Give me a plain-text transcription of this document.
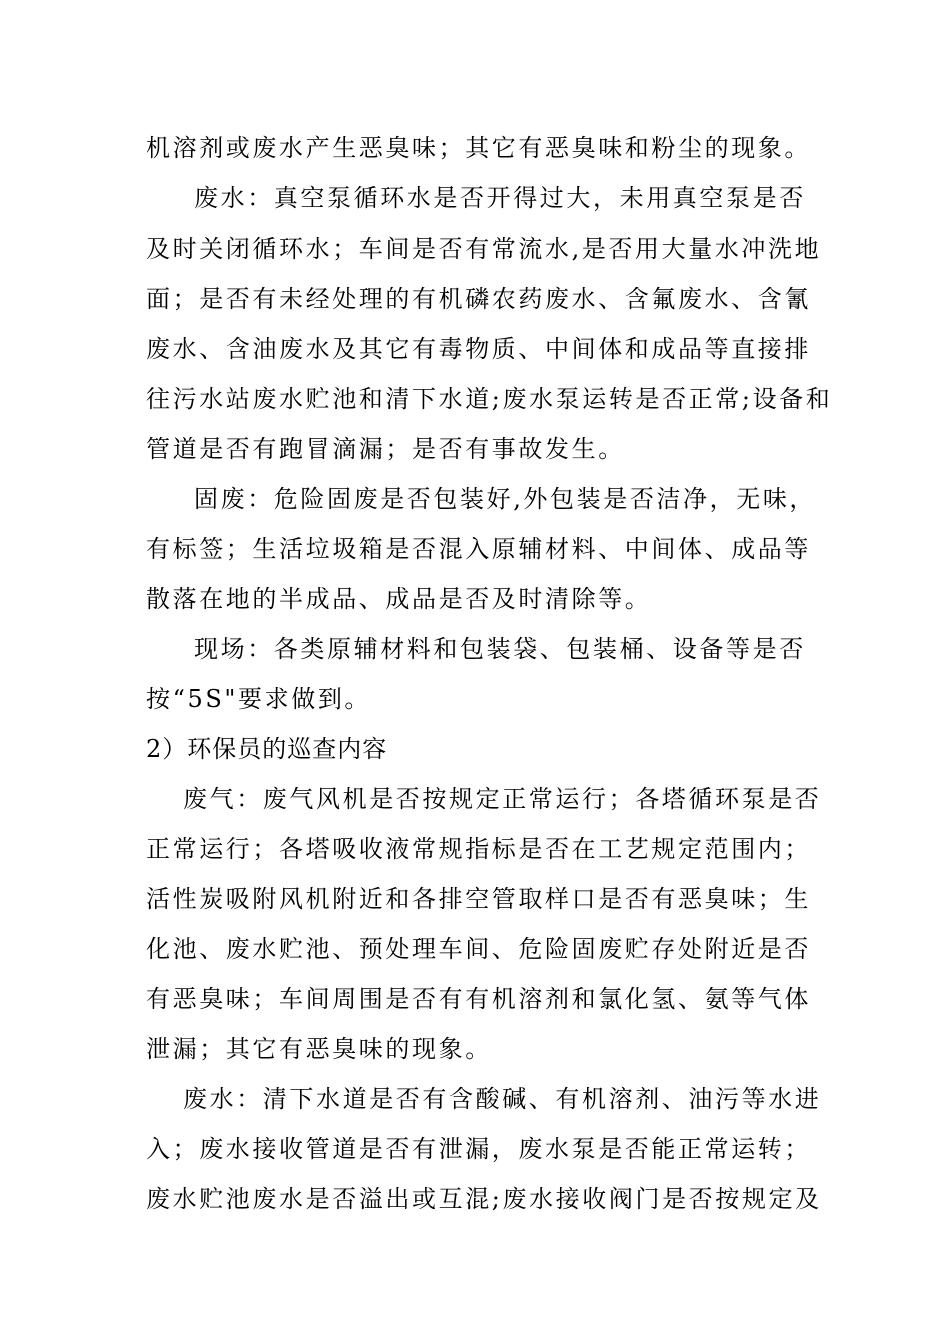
机溶剂或废水产生恶臭味；其它有恶臭味和粉尘的现象。
废水：真空泵循环水是否开得过大，未用真空泵是否
及时关闭循环水；车间是否有常流水,是否用大量水冲洗地
面；是否有未经处理的有机磷农药废水、含氟废水、含氰
废水、含油废水及其它有毒物质、中间体和成品等直接排
往污水站废水贮池和清下水道;废水泵运转是否正常;设备和
管道是否有跑冒滴漏；是否有事故发生。
固废：危险固废是否包装好,外包装是否洁净，无味，
有标签；生活垃圾箱是否混入原辅材料、中间体、成品等
散落在地的半成品、成品是否及时清除等。
现场：各类原辅材料和包装袋、包装桶、设备等是否
按“5S"要求做到。
2）环保员的巡查内容
废气：废气风机是否按规定正常运行；各塔循环泵是否
正常运行；各塔吸收液常规指标是否在工艺规定范围内；
活性炭吸附风机附近和各排空管取样口是否有恶臭味；生
化池、废水贮池、预处理车间、危险固废贮存处附近是否
有恶臭味；车间周围是否有有机溶剂和氯化氢、氨等气体
泄漏；其它有恶臭味的现象。
废水：清下水道是否有含酸碱、有机溶剂、油污等水进
入；废水接收管道是否有泄漏，废水泵是否能正常运转；
废水贮池废水是否溢出或互混;废水接收阀门是否按规定及
